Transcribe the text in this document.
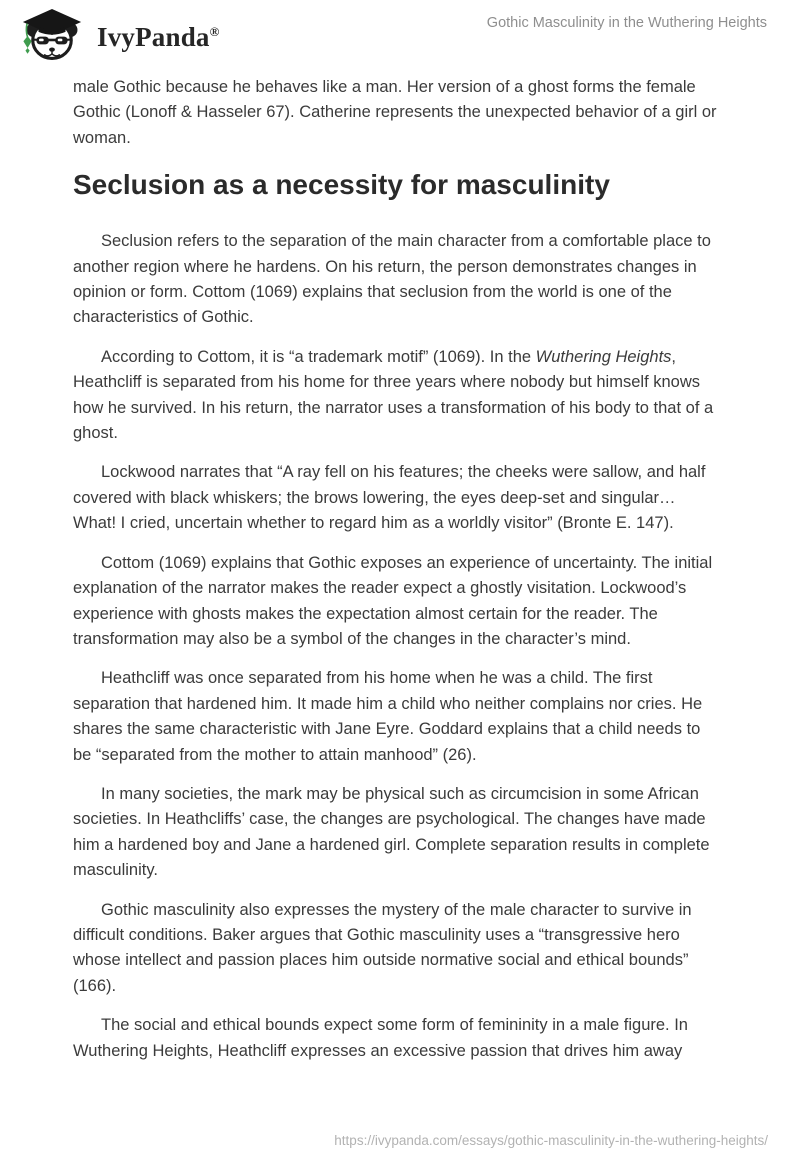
IvyPanda®	Gothic Masculinity in the Wuthering Heights

male Gothic because he behaves like a man. Her version of a ghost forms the female Gothic (Lonoff & Hasseler 67). Catherine represents the unexpected behavior of a girl or woman.

Seclusion as a necessity for masculinity

Seclusion refers to the separation of the main character from a comfortable place to another region where he hardens. On his return, the person demonstrates changes in opinion or form. Cottom (1069) explains that seclusion from the world is one of the characteristics of Gothic.

According to Cottom, it is “a trademark motif” (1069). In the Wuthering Heights, Heathcliff is separated from his home for three years where nobody but himself knows how he survived. In his return, the narrator uses a transformation of his body to that of a ghost.

Lockwood narrates that “A ray fell on his features; the cheeks were sallow, and half covered with black whiskers; the brows lowering, the eyes deep-set and singular… What! I cried, uncertain whether to regard him as a worldly visitor” (Bronte E. 147).

Cottom (1069) explains that Gothic exposes an experience of uncertainty. The initial explanation of the narrator makes the reader expect a ghostly visitation. Lockwood’s experience with ghosts makes the expectation almost certain for the reader. The transformation may also be a symbol of the changes in the character’s mind.

Heathcliff was once separated from his home when he was a child. The first separation that hardened him. It made him a child who neither complains nor cries. He shares the same characteristic with Jane Eyre. Goddard explains that a child needs to be “separated from the mother to attain manhood” (26).

In many societies, the mark may be physical such as circumcision in some African societies. In Heathcliffs’ case, the changes are psychological. The changes have made him a hardened boy and Jane a hardened girl. Complete separation results in complete masculinity.

Gothic masculinity also expresses the mystery of the male character to survive in difficult conditions. Baker argues that Gothic masculinity uses a “transgressive hero whose intellect and passion places him outside normative social and ethical bounds” (166).

The social and ethical bounds expect some form of femininity in a male figure. In Wuthering Heights, Heathcliff expresses an excessive passion that drives him away

https://ivypanda.com/essays/gothic-masculinity-in-the-wuthering-heights/
